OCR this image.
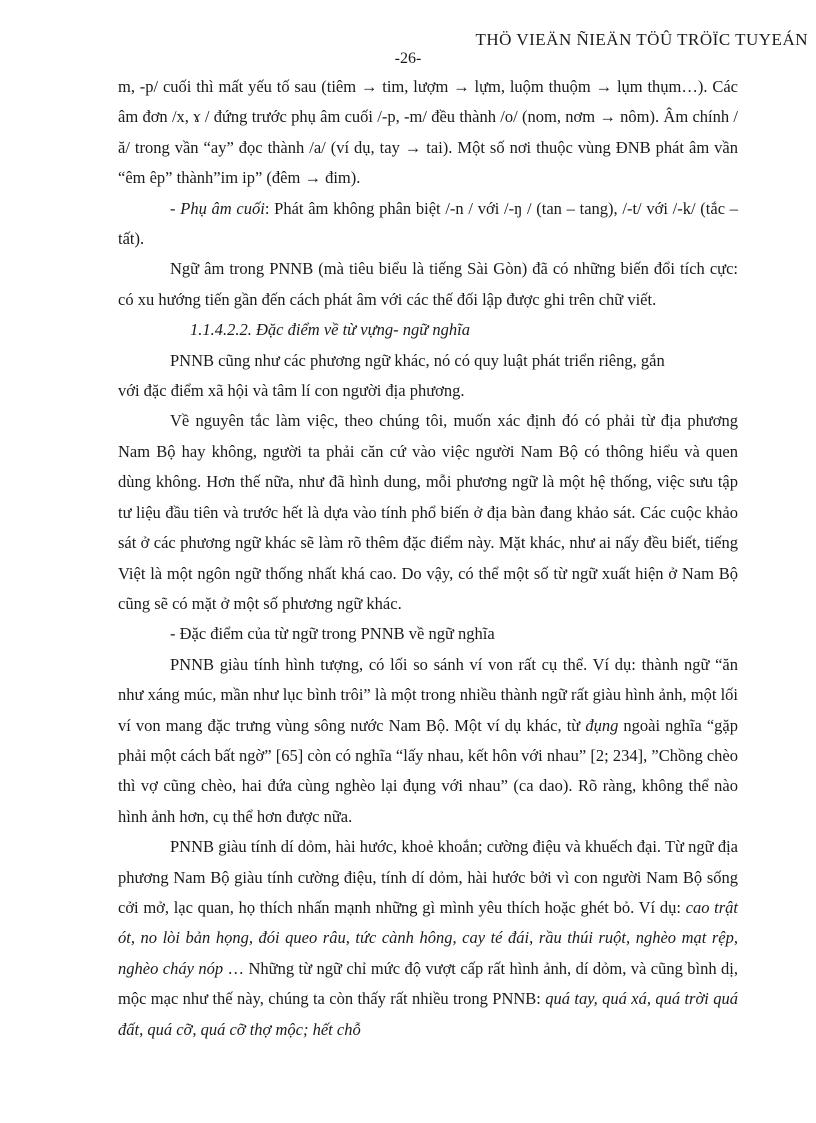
THÖ VIEÄN ÑIEÄN TÖÛ TRÖÏC TUYEÁN
-26-

m, -p/ cuối thì mất yếu tố sau (tiêm → tim, lượm → lựm, luộm thuộm → lụm thụm…). Các âm đơn /x, ɤ / đứng trước phụ âm cuối /-p, -m/ đều thành /o/ (nom, nơm → nôm). Âm chính /ă/ trong vần “ay” đọc thành /a/ (ví dụ, tay → tai). Một số nơi thuộc vùng ĐNB phát âm vần “êm êp” thành”im ip” (đêm → đim).

- Phụ âm cuối: Phát âm không phân biệt /-n / với /-ŋ / (tan – tang), /-t/ với /-k/ (tắc – tất).

Ngữ âm trong PNNB (mà tiêu biểu là tiếng Sài Gòn) đã có những biến đổi tích cực: có xu hướng tiến gần đến cách phát âm với các thế đối lập được ghi trên chữ viết.

1.1.4.2.2. Đặc điểm về từ vựng- ngữ nghĩa

PNNB cũng như các phương ngữ khác, nó có quy luật phát triển riêng, gắn

với đặc điểm xã hội và tâm lí con người địa phương.

Về nguyên tắc làm việc, theo chúng tôi, muốn xác định đó có phải từ địa phương Nam Bộ hay không, người ta phải căn cứ vào việc người Nam Bộ có thông hiểu và quen dùng không. Hơn thế nữa, như đã hình dung, mỗi phương ngữ là một hệ thống, việc sưu tập tư liệu đầu tiên và trước hết là dựa vào tính phổ biến ở địa bàn đang khảo sát. Các cuộc khảo sát ở các phương ngữ khác sẽ làm rõ thêm đặc điểm này. Mặt khác, như ai nấy đều biết, tiếng Việt là một ngôn ngữ thống nhất khá cao. Do vậy, có thể một số từ ngữ xuất hiện ở Nam Bộ cũng sẽ có mặt ở một số phương ngữ khác.

- Đặc điểm của từ ngữ trong PNNB về ngữ nghĩa

PNNB giàu tính hình tượng, có lối so sánh ví von rất cụ thể. Ví dụ: thành ngữ “ăn như xáng múc, mần như lục bình trôi” là một trong nhiều thành ngữ rất giàu hình ảnh, một lối ví von mang đặc trưng vùng sông nước Nam Bộ. Một ví dụ khác, từ đụng ngoài nghĩa “gặp phải một cách bất ngờ” [65] còn có nghĩa “lấy nhau, kết hôn với nhau” [2; 234], ”Chồng chèo thì vợ cũng chèo, hai đứa cùng nghèo lại đụng với nhau” (ca dao). Rõ ràng, không thể nào hình ảnh hơn, cụ thể hơn được nữa.

PNNB giàu tính dí dỏm, hài hước, khoẻ khoắn; cường điệu và khuếch đại. Từ ngữ địa phương Nam Bộ giàu tính cường điệu, tính dí dỏm, hài hước bởi vì con người Nam Bộ sống cởi mở, lạc quan, họ thích nhấn mạnh những gì mình yêu thích hoặc ghét bỏ. Ví dụ: cao trật ót, no lòi bản họng, đói queo râu, tức cành hông, cay té đái, rầu thúi ruột, nghèo mạt rệp, nghèo cháy nóp … Những từ ngữ chỉ mức độ vượt cấp rất hình ảnh, dí dỏm, và cũng bình dị, mộc mạc như thế này, chúng ta còn thấy rất nhiều trong PNNB: quá tay, quá xá, quá trời quá đất, quá cỡ, quá cỡ thợ mộc; hết chỗ
